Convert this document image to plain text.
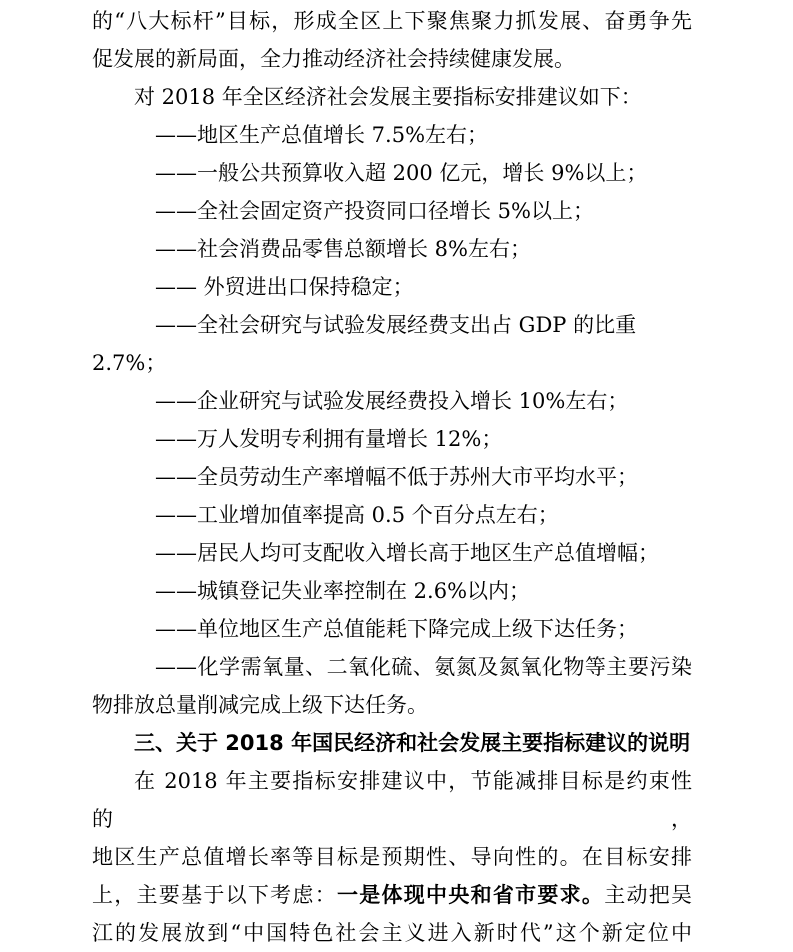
的“八大标杆”目标，形成全区上下聚焦聚力抓发展、奋勇争先
促发展的新局面，全力推动经济社会持续健康发展。
对 2018 年全区经济社会发展主要指标安排建议如下：
——地区生产总值增长 7.5%左右；
——一般公共预算收入超 200 亿元，增长 9%以上；
——全社会固定资产投资同口径增长 5%以上；
——社会消费品零售总额增长 8%左右；
—— 外贸进出口保持稳定；
——全社会研究与试验发展经费支出占 GDP 的比重 2.7%；
——企业研究与试验发展经费投入增长 10%左右；
——万人发明专利拥有量增长 12%；
——全员劳动生产率增幅不低于苏州大市平均水平；
——工业增加值率提高 0.5 个百分点左右；
——居民人均可支配收入增长高于地区生产总值增幅；
——城镇登记失业率控制在 2.6%以内；
——单位地区生产总值能耗下降完成上级下达任务；
——化学需氧量、二氧化硫、氨氮及氮氧化物等主要污染
物排放总量削减完成上级下达任务。
三、关于 2018 年国民经济和社会发展主要指标建议的说明
在 2018 年主要指标安排建议中，节能减排目标是约束性的，
地区生产总值增长率等目标是预期性、导向性的。在目标安排
上，主要基于以下考虑：一是体现中央和省市要求。主动把吴
江的发展放到“中国特色社会主义进入新时代”这个新定位中
